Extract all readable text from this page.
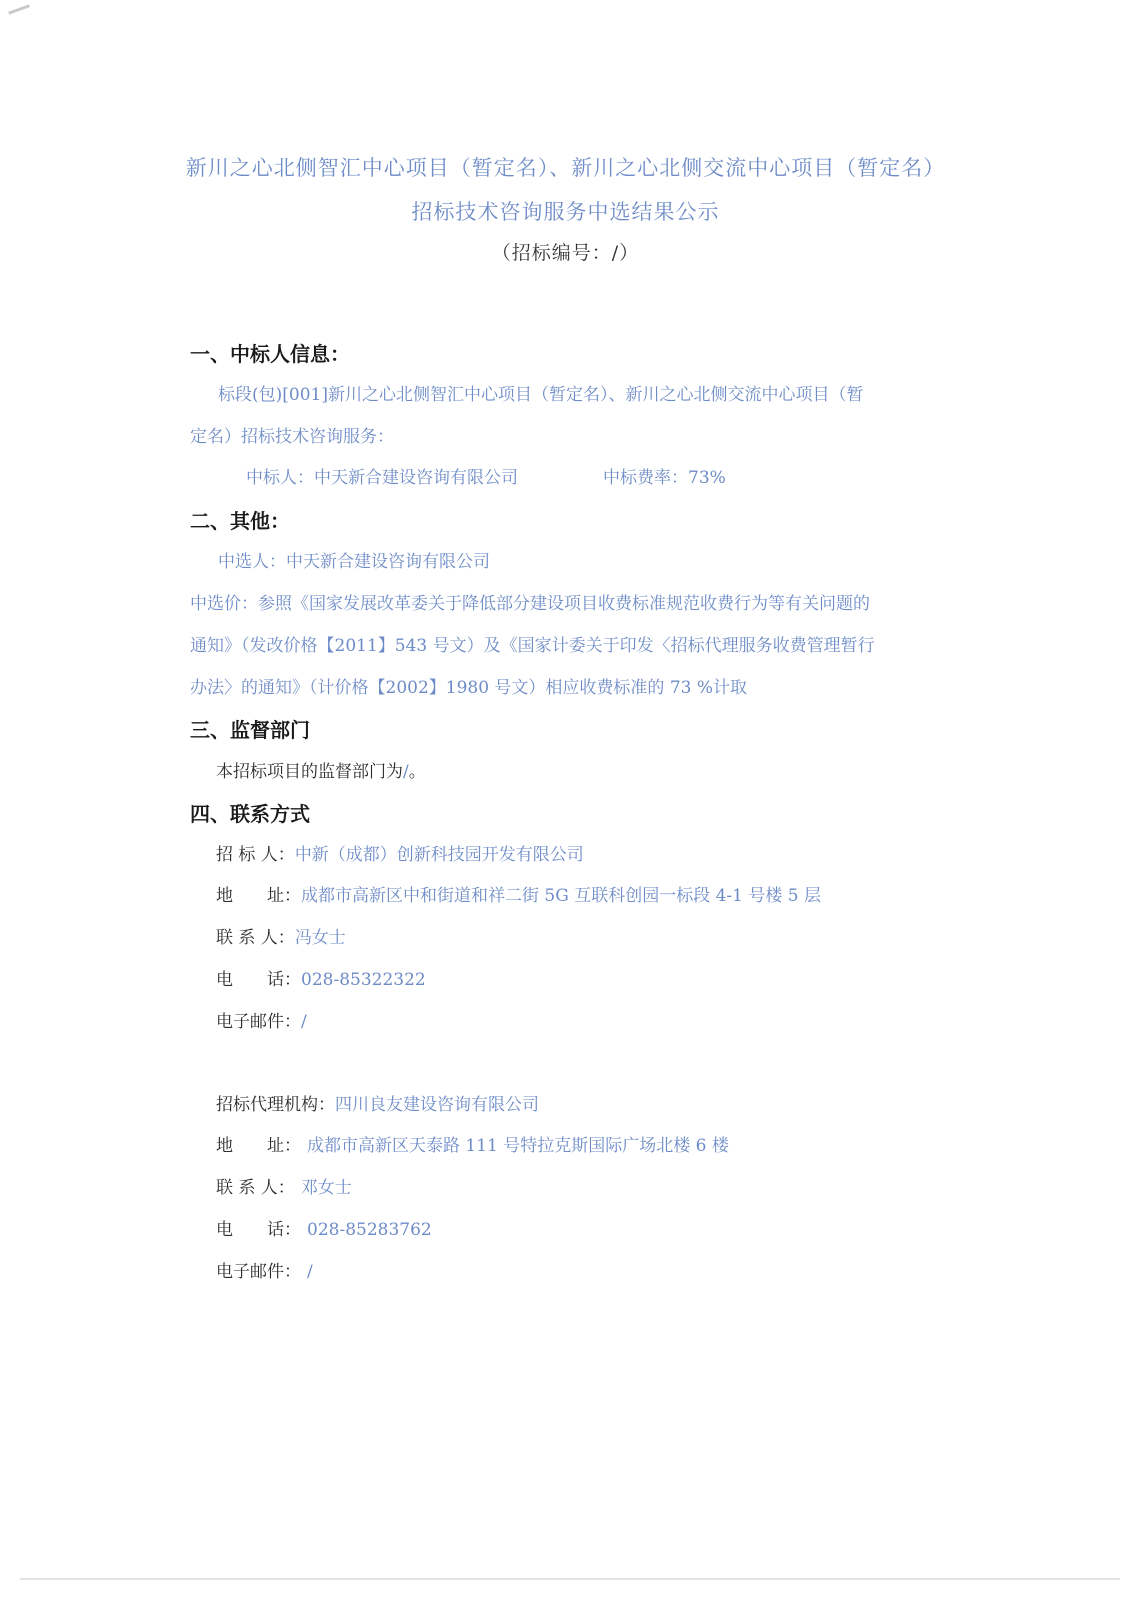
新川之心北侧智汇中心项目（暂定名）、新川之心北侧交流中心项目（暂定名）
招标技术咨询服务中选结果公示
（招标编号：/）
一、中标人信息：
标段(包)[001]新川之心北侧智汇中心项目（暂定名）、新川之心北侧交流中心项目（暂
定名）招标技术咨询服务：
中标人：中天新合建设咨询有限公司	中标费率：73%
二、其他：
中选人：中天新合建设咨询有限公司
中选价：参照《国家发展改革委关于降低部分建设项目收费标准规范收费行为等有关问题的
通知》（发改价格【2011】543 号文）及《国家计委关于印发〈招标代理服务收费管理暂行
办法〉的通知》（计价格【2002】1980 号文）相应收费标准的 73 %计取
三、监督部门
本招标项目的监督部门为/。
四、联系方式
招 标 人：中新（成都）创新科技园开发有限公司
地　　址：成都市高新区中和街道和祥二街 5G 互联科创园一标段 4-1 号楼 5 层
联 系 人：冯女士
电　　话：028-85322322
电子邮件：/
招标代理机构：四川良友建设咨询有限公司
地　　址： 成都市高新区天泰路 111 号特拉克斯国际广场北楼 6 楼
联 系 人： 邓女士
电　　话： 028-85283762
电子邮件： /
